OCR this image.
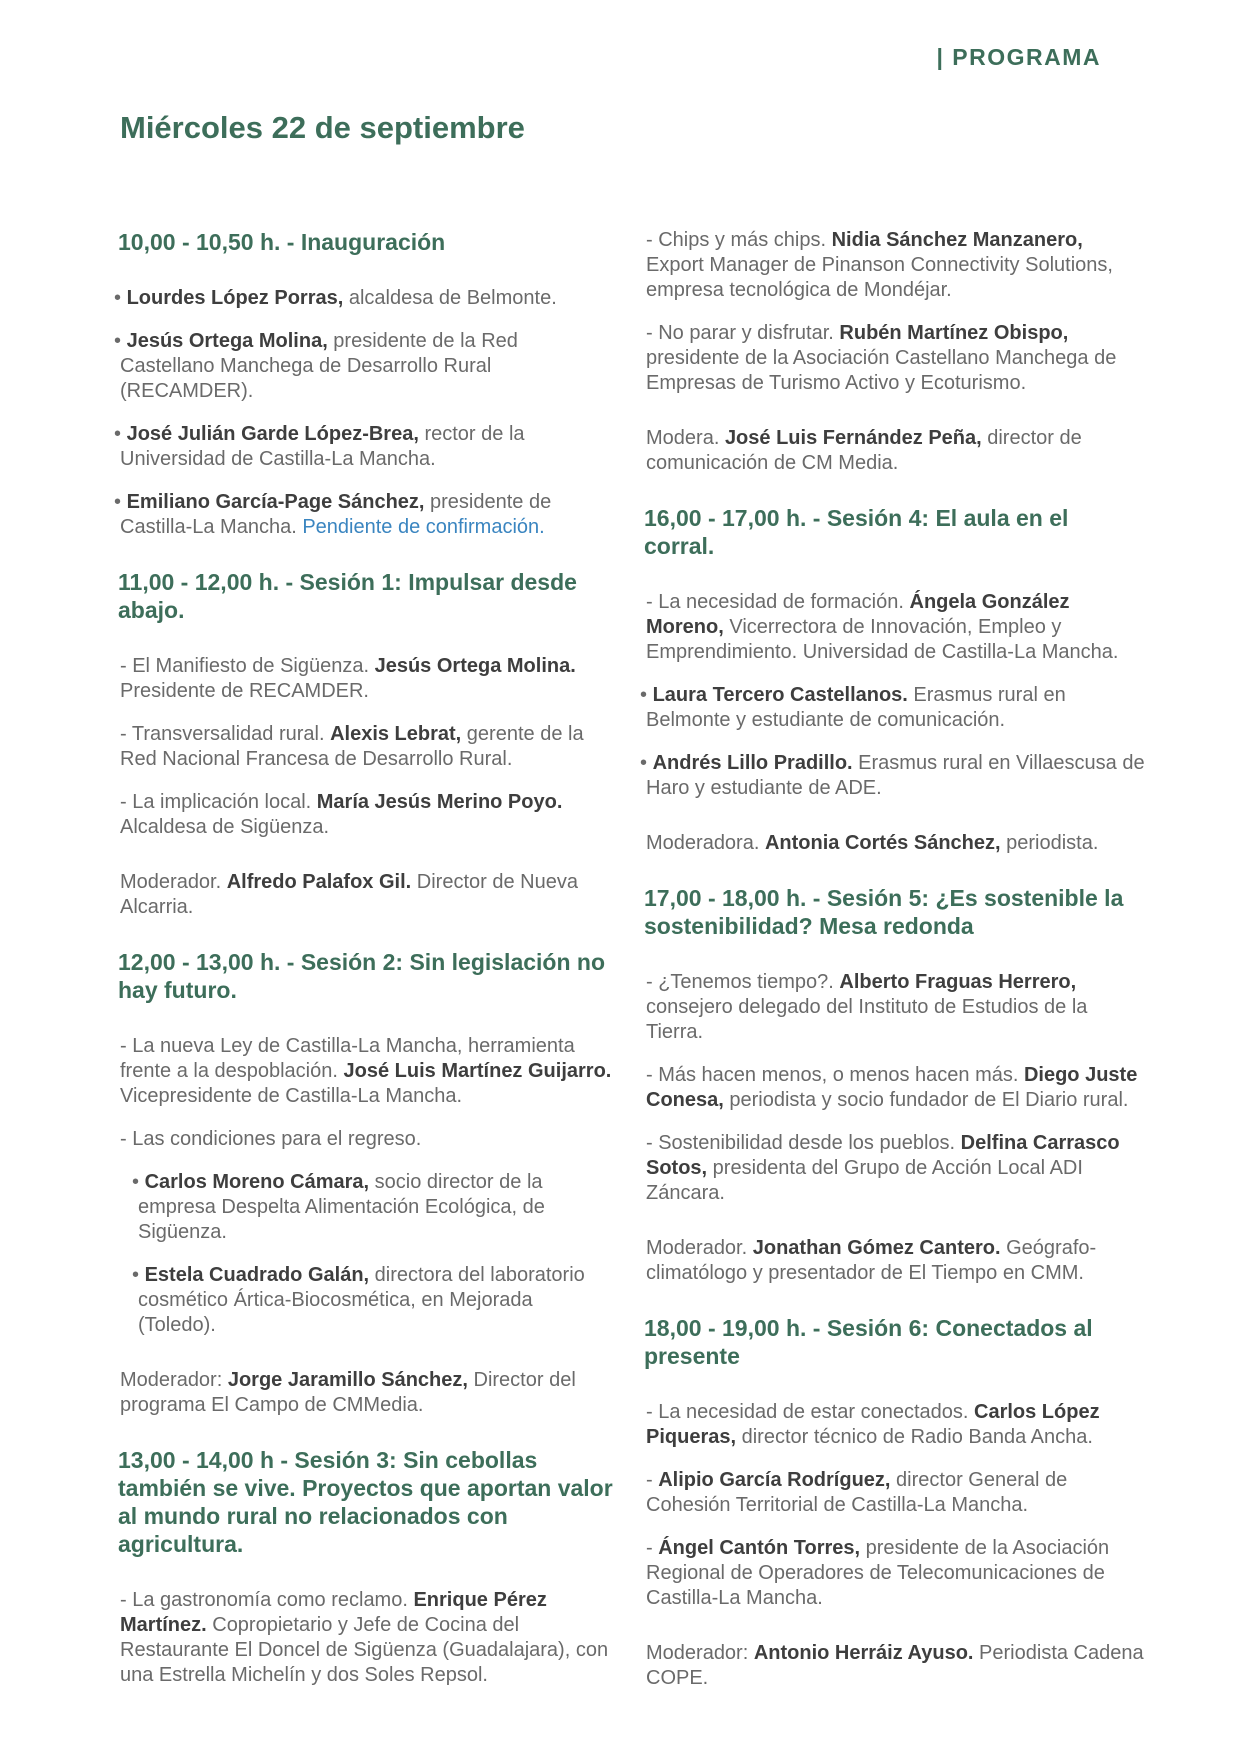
| PROGRAMA
Miércoles 22 de septiembre
10,00 - 10,50 h. - Inauguración

• Lourdes López Porras, alcaldesa de Belmonte.

• Jesús Ortega Molina, presidente de la Red Castellano Manchega de Desarrollo Rural (RECAMDER).

• José Julián Garde López-Brea, rector de la Universidad de Castilla-La Mancha.

• Emiliano García-Page Sánchez, presidente de Castilla-La Mancha. Pendiente de confirmación.

11,00 - 12,00 h. - Sesión 1: Impulsar desde abajo.

- El Manifiesto de Sigüenza. Jesús Ortega Molina. Presidente de RECAMDER.

- Transversalidad rural. Alexis Lebrat, gerente de la Red Nacional Francesa de Desarrollo Rural.

- La implicación local. María Jesús Merino Poyo. Alcaldesa de Sigüenza.

Moderador. Alfredo Palafox Gil. Director de Nueva Alcarria.

12,00 - 13,00 h. - Sesión 2: Sin legislación no hay futuro.

- La nueva Ley de Castilla-La Mancha, herramienta frente a la despoblación. José Luis Martínez Guijarro. Vicepresidente de Castilla-La Mancha.

- Las condiciones para el regreso.

• Carlos Moreno Cámara, socio director de la empresa Despelta Alimentación Ecológica, de Sigüenza.

• Estela Cuadrado Galán, directora del laboratorio cosmético Ártica-Biocosmética, en Mejorada (Toledo).

Moderador: Jorge Jaramillo Sánchez, Director del programa El Campo de CMMedia.

13,00 - 14,00 h - Sesión 3: Sin cebollas también se vive. Proyectos que aportan valor al mundo rural no relacionados con agricultura.

- La gastronomía como reclamo. Enrique Pérez Martínez. Copropietario y Jefe de Cocina del Restaurante El Doncel de Sigüenza (Guadalajara), con una Estrella Michelín y dos Soles Repsol.

- Chips y más chips. Nidia Sánchez Manzanero, Export Manager de Pinanson Connectivity Solutions, empresa tecnológica de Mondéjar.

- No parar y disfrutar. Rubén Martínez Obispo, presidente de la Asociación Castellano Manchega de Empresas de Turismo Activo y Ecoturismo.

Modera. José Luis Fernández Peña, director de comunicación de CM Media.

16,00 - 17,00 h. - Sesión 4: El aula en el corral.

- La necesidad de formación. Ángela González Moreno, Vicerrectora de Innovación, Empleo y Emprendimiento. Universidad de Castilla-La Mancha.

• Laura Tercero Castellanos. Erasmus rural en Belmonte y estudiante de comunicación.

• Andrés Lillo Pradillo. Erasmus rural en Villaescusa de Haro y estudiante de ADE.

Moderadora. Antonia Cortés Sánchez, periodista.

17,00 - 18,00 h. - Sesión 5: ¿Es sostenible la sostenibilidad? Mesa redonda

- ¿Tenemos tiempo?. Alberto Fraguas Herrero, consejero delegado del Instituto de Estudios de la Tierra.

- Más hacen menos, o menos hacen más. Diego Juste Conesa, periodista y socio fundador de El Diario rural.

- Sostenibilidad desde los pueblos. Delfina Carrasco Sotos, presidenta del Grupo de Acción Local ADI Záncara.

Moderador. Jonathan Gómez Cantero. Geógrafo-climatólogo y presentador de El Tiempo en CMM.

18,00 - 19,00 h. - Sesión 6: Conectados al presente

- La necesidad de estar conectados. Carlos López Piqueras, director técnico de Radio Banda Ancha.

- Alipio García Rodríguez, director General de Cohesión Territorial de Castilla-La Mancha.

- Ángel Cantón Torres, presidente de la Asociación Regional de Operadores de Telecomunicaciones de Castilla-La Mancha.

Moderador: Antonio Herráiz Ayuso. Periodista Cadena COPE.
